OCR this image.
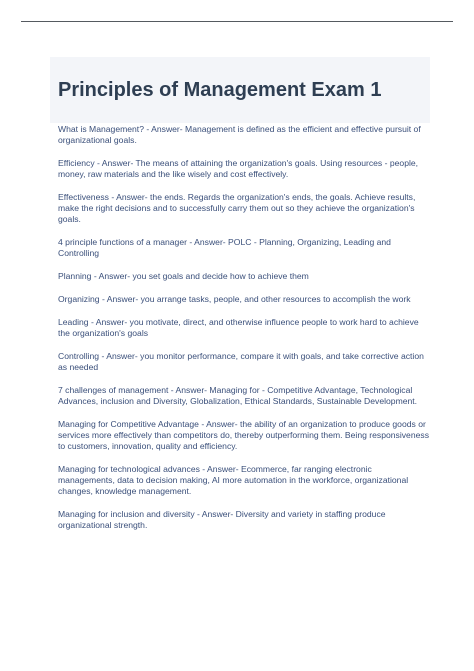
Principles of Management Exam 1
What is Management? - Answer- Management is defined as the efficient and effective pursuit of organizational goals.
Efficiency - Answer- The means of attaining the organization's goals. Using resources - people, money, raw materials and the like wisely and cost effectively.
Effectiveness - Answer- the ends. Regards the organization's ends, the goals. Achieve results, make the right decisions and to successfully carry them out so they achieve the organization's goals.
4 principle functions of a manager - Answer- POLC - Planning, Organizing, Leading and Controlling
Planning - Answer- you set goals and decide how to achieve them
Organizing - Answer- you arrange tasks, people, and other resources to accomplish the work
Leading - Answer- you motivate, direct, and otherwise influence people to work hard to achieve the organization's goals
Controlling - Answer- you monitor performance, compare it with goals, and take corrective action as needed
7 challenges of management - Answer- Managing for - Competitive Advantage, Technological Advances, inclusion and Diversity, Globalization, Ethical Standards, Sustainable Development.
Managing for Competitive Advantage - Answer- the ability of an organization to produce goods or services more effectively than competitors do, thereby outperforming them. Being responsiveness to customers, innovation, quality and efficiency.
Managing for technological advances - Answer- Ecommerce, far ranging electronic managements, data to decision making, AI more automation in the workforce, organizational changes, knowledge management.
Managing for inclusion and diversity - Answer- Diversity and variety in staffing produce organizational strength.
